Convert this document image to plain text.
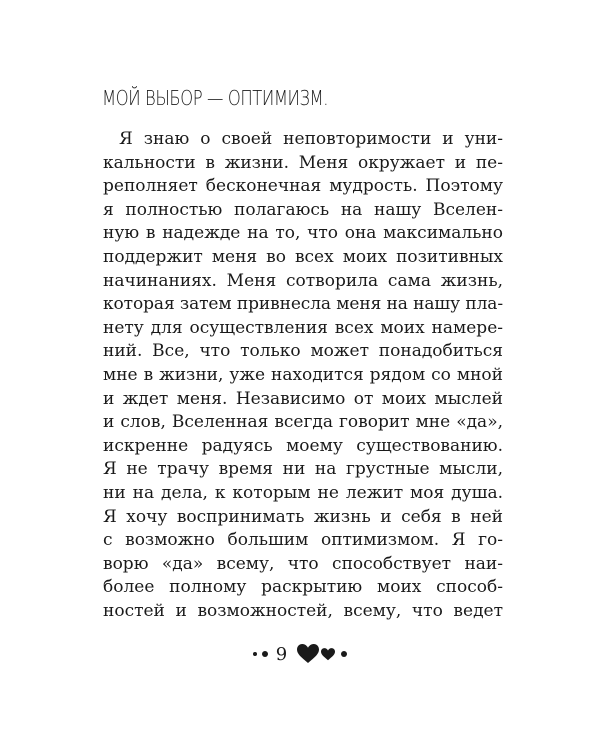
МОЙ ВЫБОР — ОПТИМИЗМ.
Я знаю о своей неповторимости и уни-
кальности в жизни. Меня окружает и пе-
реполняет бесконечная мудрость. Поэтому
я полностью полагаюсь на нашу Вселен-
ную в надежде на то, что она максимально
поддержит меня во всех моих позитивных
начинаниях. Меня сотворила сама жизнь,
которая затем привнесла меня на нашу пла-
нету для осуществления всех моих намере-
ний. Все, что только может понадобиться
мне в жизни, уже находится рядом со мной
и ждет меня. Независимо от моих мыслей
и слов, Вселенная всегда говорит мне «да»,
искренне радуясь моему существованию.
Я не трачу время ни на грустные мысли,
ни на дела, к которым не лежит моя душа.
Я хочу воспринимать жизнь и себя в ней
с возможно большим оптимизмом. Я го-
ворю «да» всему, что способствует наи-
более полному раскрытию моих способ-
ностей и возможностей, всему, что ведет
9
